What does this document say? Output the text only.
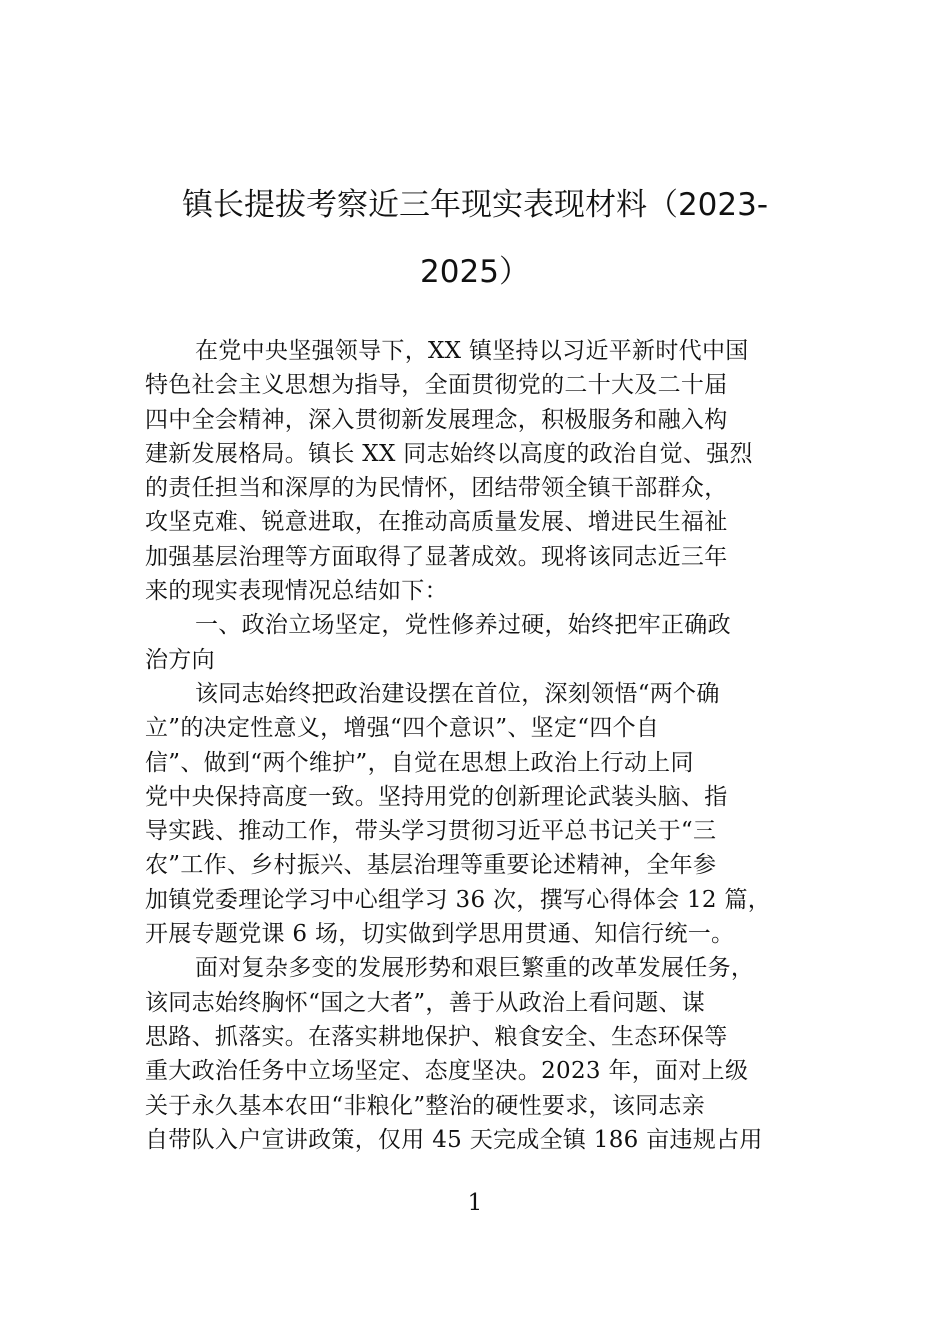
镇长提拔考察近三年现实表现材料（2023-
2025）

在党中央坚强领导下，XX 镇坚持以习近平新时代中国
特色社会主义思想为指导，全面贯彻党的二十大及二十届
四中全会精神，深入贯彻新发展理念，积极服务和融入构
建新发展格局。镇长 XX 同志始终以高度的政治自觉、强烈
的责任担当和深厚的为民情怀，团结带领全镇干部群众，
攻坚克难、锐意进取，在推动高质量发展、增进民生福祉
加强基层治理等方面取得了显著成效。现将该同志近三年
来的现实表现情况总结如下：

一、政治立场坚定，党性修养过硬，始终把牢正确政
治方向

该同志始终把政治建设摆在首位，深刻领悟“两个确
立”的决定性意义，增强“四个意识”、坚定“四个自
信”、做到“两个维护”，自觉在思想上政治上行动上同
党中央保持高度一致。坚持用党的创新理论武装头脑、指
导实践、推动工作，带头学习贯彻习近平总书记关于“三
农”工作、乡村振兴、基层治理等重要论述精神，全年参
加镇党委理论学习中心组学习 36 次，撰写心得体会 12 篇，
开展专题党课 6 场，切实做到学思用贯通、知信行统一。

面对复杂多变的发展形势和艰巨繁重的改革发展任务，
该同志始终胸怀“国之大者”，善于从政治上看问题、谋
思路、抓落实。在落实耕地保护、粮食安全、生态环保等
重大政治任务中立场坚定、态度坚决。2023 年，面对上级
关于永久基本农田“非粮化”整治的硬性要求，该同志亲
自带队入户宣讲政策，仅用 45 天完成全镇 186 亩违规占用

1
